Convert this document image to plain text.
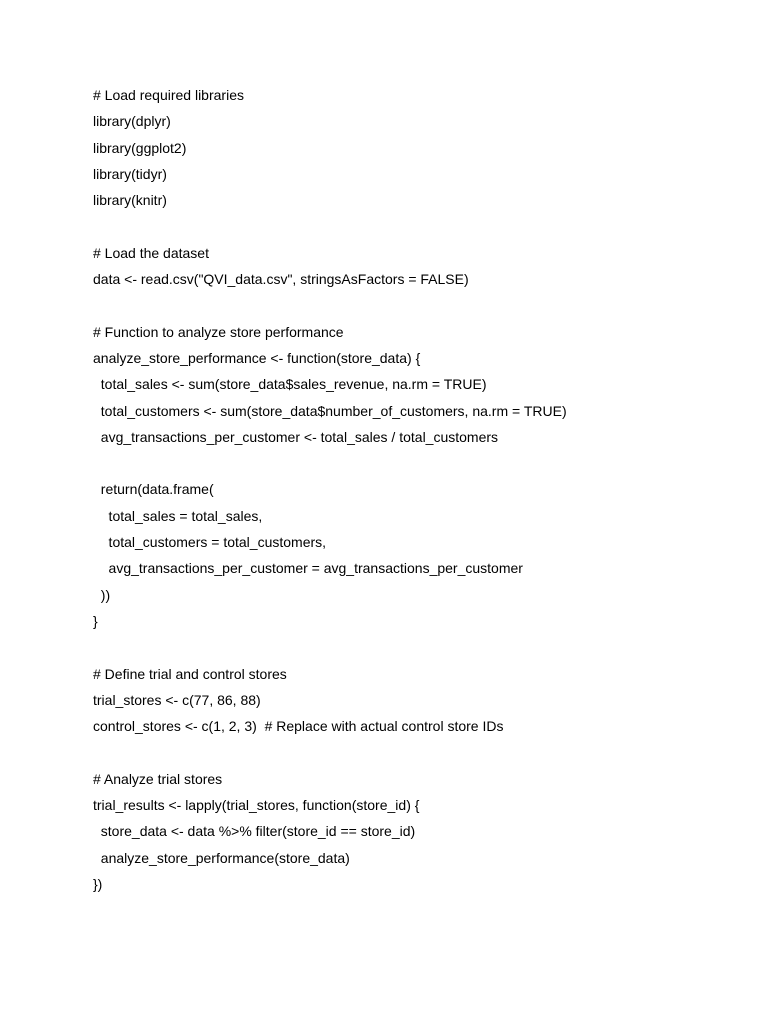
# Load required libraries
library(dplyr)
library(ggplot2)
library(tidyr)
library(knitr)
# Load the dataset
data <- read.csv("QVI_data.csv", stringsAsFactors = FALSE)
# Function to analyze store performance
analyze_store_performance <- function(store_data) {
total_sales <- sum(store_data$sales_revenue, na.rm = TRUE)
total_customers <- sum(store_data$number_of_customers, na.rm = TRUE)
avg_transactions_per_customer <- total_sales / total_customers
return(data.frame(
total_sales = total_sales,
total_customers = total_customers,
avg_transactions_per_customer = avg_transactions_per_customer
))
}
# Define trial and control stores
trial_stores <- c(77, 86, 88)
control_stores <- c(1, 2, 3)  # Replace with actual control store IDs
# Analyze trial stores
trial_results <- lapply(trial_stores, function(store_id) {
store_data <- data %>% filter(store_id == store_id)
analyze_store_performance(store_data)
})
